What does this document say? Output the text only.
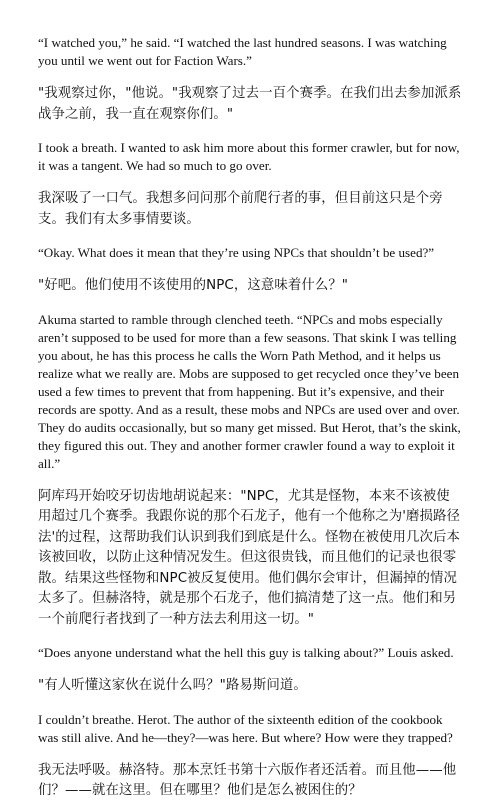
“I watched you,” he said. “I watched the last hundred seasons. I was watching you until we went out for Faction Wars.”

"我观察过你，"他说。"我观察了过去一百个赛季。在我们出去参加派系战争之前，我一直在观察你们。"

I took a breath. I wanted to ask him more about this former crawler, but for now, it was a tangent. We had so much to go over.

我深吸了一口气。我想多问问那个前爬行者的事，但目前这只是个旁支。我们有太多事情要谈。

“Okay. What does it mean that they’re using NPCs that shouldn’t be used?”

"好吧。他们使用不该使用的NPC，这意味着什么？"

Akuma started to ramble through clenched teeth. “NPCs and mobs especially aren’t supposed to be used for more than a few seasons. That skink I was telling you about, he has this process he calls the Worn Path Method, and it helps us realize what we really are. Mobs are supposed to get recycled once they’ve been used a few times to prevent that from happening. But it’s expensive, and their records are spotty. And as a result, these mobs and NPCs are used over and over. They do audits occasionally, but so many get missed. But Herot, that’s the skink, they figured this out. They and another former crawler found a way to exploit it all.”

阿库玛开始咬牙切齿地胡说起来："NPC，尤其是怪物，本来不该被使用超过几个赛季。我跟你说的那个石龙子，他有一个他称之为'磨损路径法'的过程，这帮助我们认识到我们到底是什么。怪物在被使用几次后本该被回收，以防止这种情况发生。但这很贵钱，而且他们的记录也很零散。结果这些怪物和NPC被反复使用。他们偶尔会审计，但漏掉的情况太多了。但赫洛特，就是那个石龙子，他们搞清楚了这一点。他们和另一个前爬行者找到了一种方法去利用这一切。"

“Does anyone understand what the hell this guy is talking about?” Louis asked.

"有人听懂这家伙在说什么吗？"路易斯问道。

I couldn’t breathe. Herot. The author of the sixteenth edition of the cookbook was still alive. And he—they?—was here. But where? How were they trapped?

我无法呼吸。赫洛特。那本烹饪书第十六版作者还活着。而且他——他们？——就在这里。但在哪里？他们是怎么被困住的？
